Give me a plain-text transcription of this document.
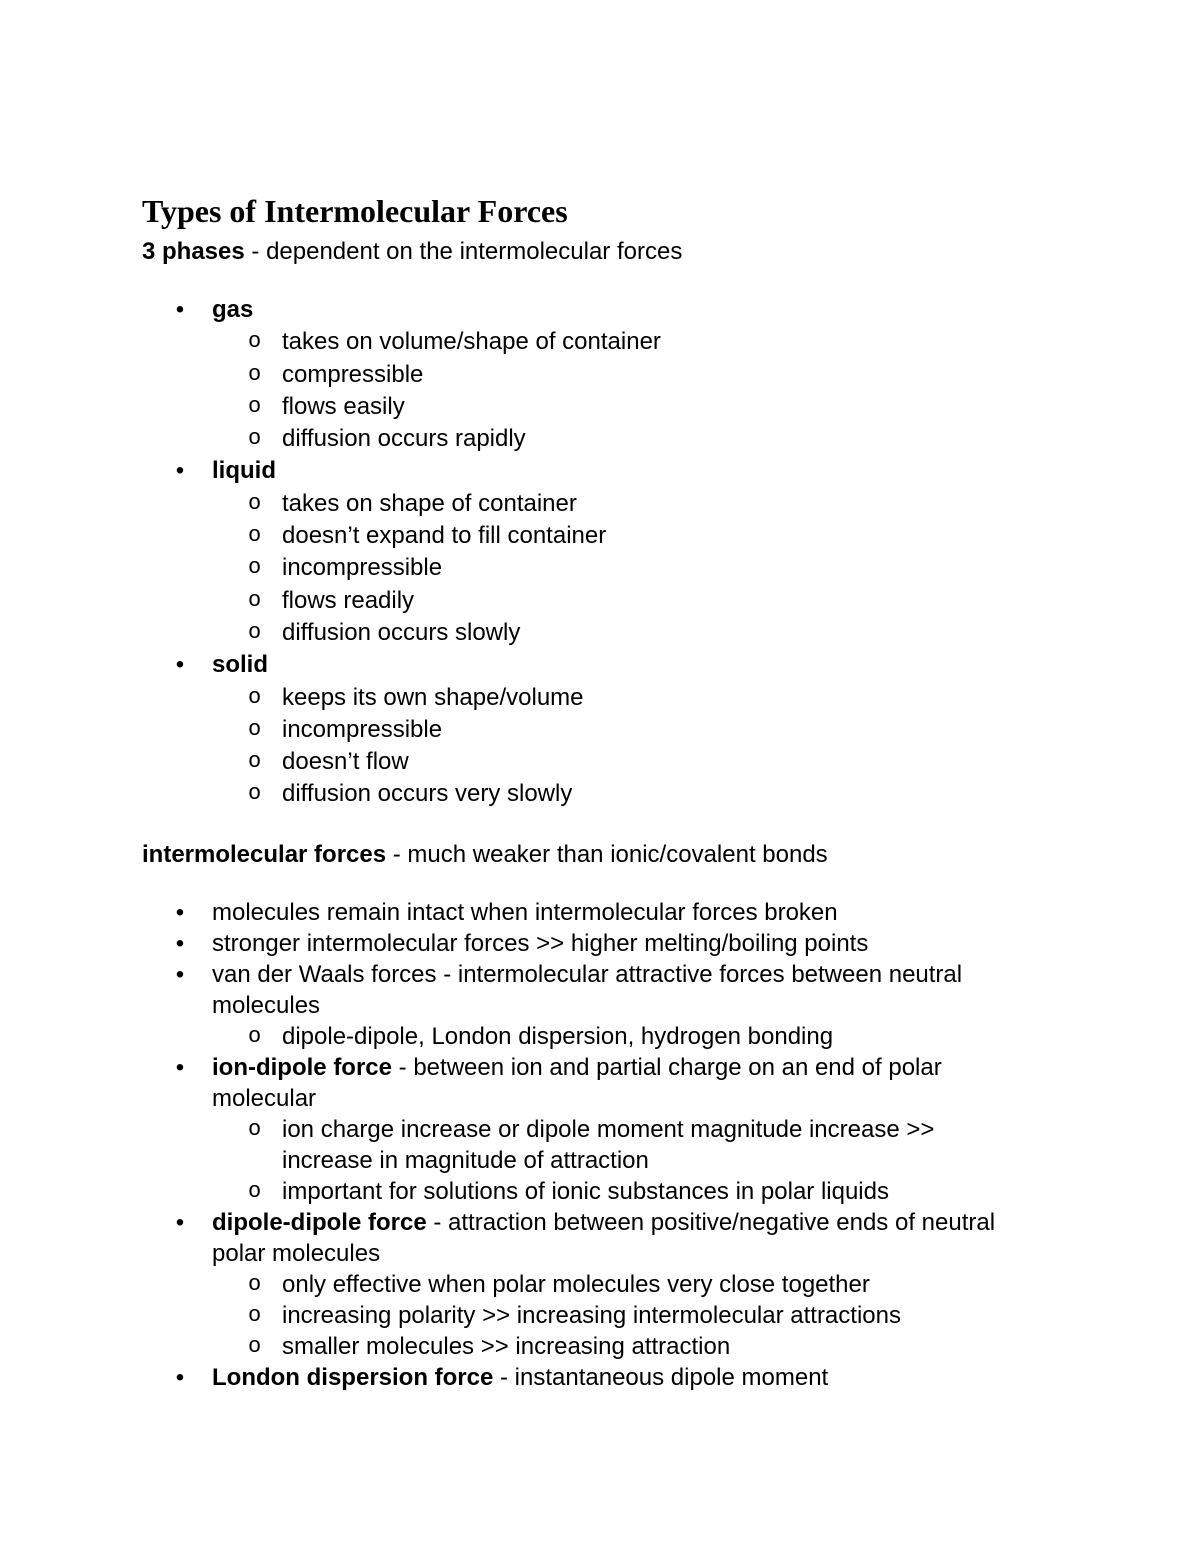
Types of Intermolecular Forces
3 phases - dependent on the intermolecular forces
• gas
o takes on volume/shape of container
o compressible
o flows easily
o diffusion occurs rapidly
• liquid
o takes on shape of container
o doesn’t expand to fill container
o incompressible
o flows readily
o diffusion occurs slowly
• solid
o keeps its own shape/volume
o incompressible
o doesn’t flow
o diffusion occurs very slowly
intermolecular forces - much weaker than ionic/covalent bonds
• molecules remain intact when intermolecular forces broken
• stronger intermolecular forces >> higher melting/boiling points
• van der Waals forces - intermolecular attractive forces between neutral molecules
o dipole-dipole, London dispersion, hydrogen bonding
• ion-dipole force - between ion and partial charge on an end of polar molecular
o ion charge increase or dipole moment magnitude increase >> increase in magnitude of attraction
o important for solutions of ionic substances in polar liquids
• dipole-dipole force - attraction between positive/negative ends of neutral polar molecules
o only effective when polar molecules very close together
o increasing polarity >> increasing intermolecular attractions
o smaller molecules >> increasing attraction
• London dispersion force - instantaneous dipole moment
